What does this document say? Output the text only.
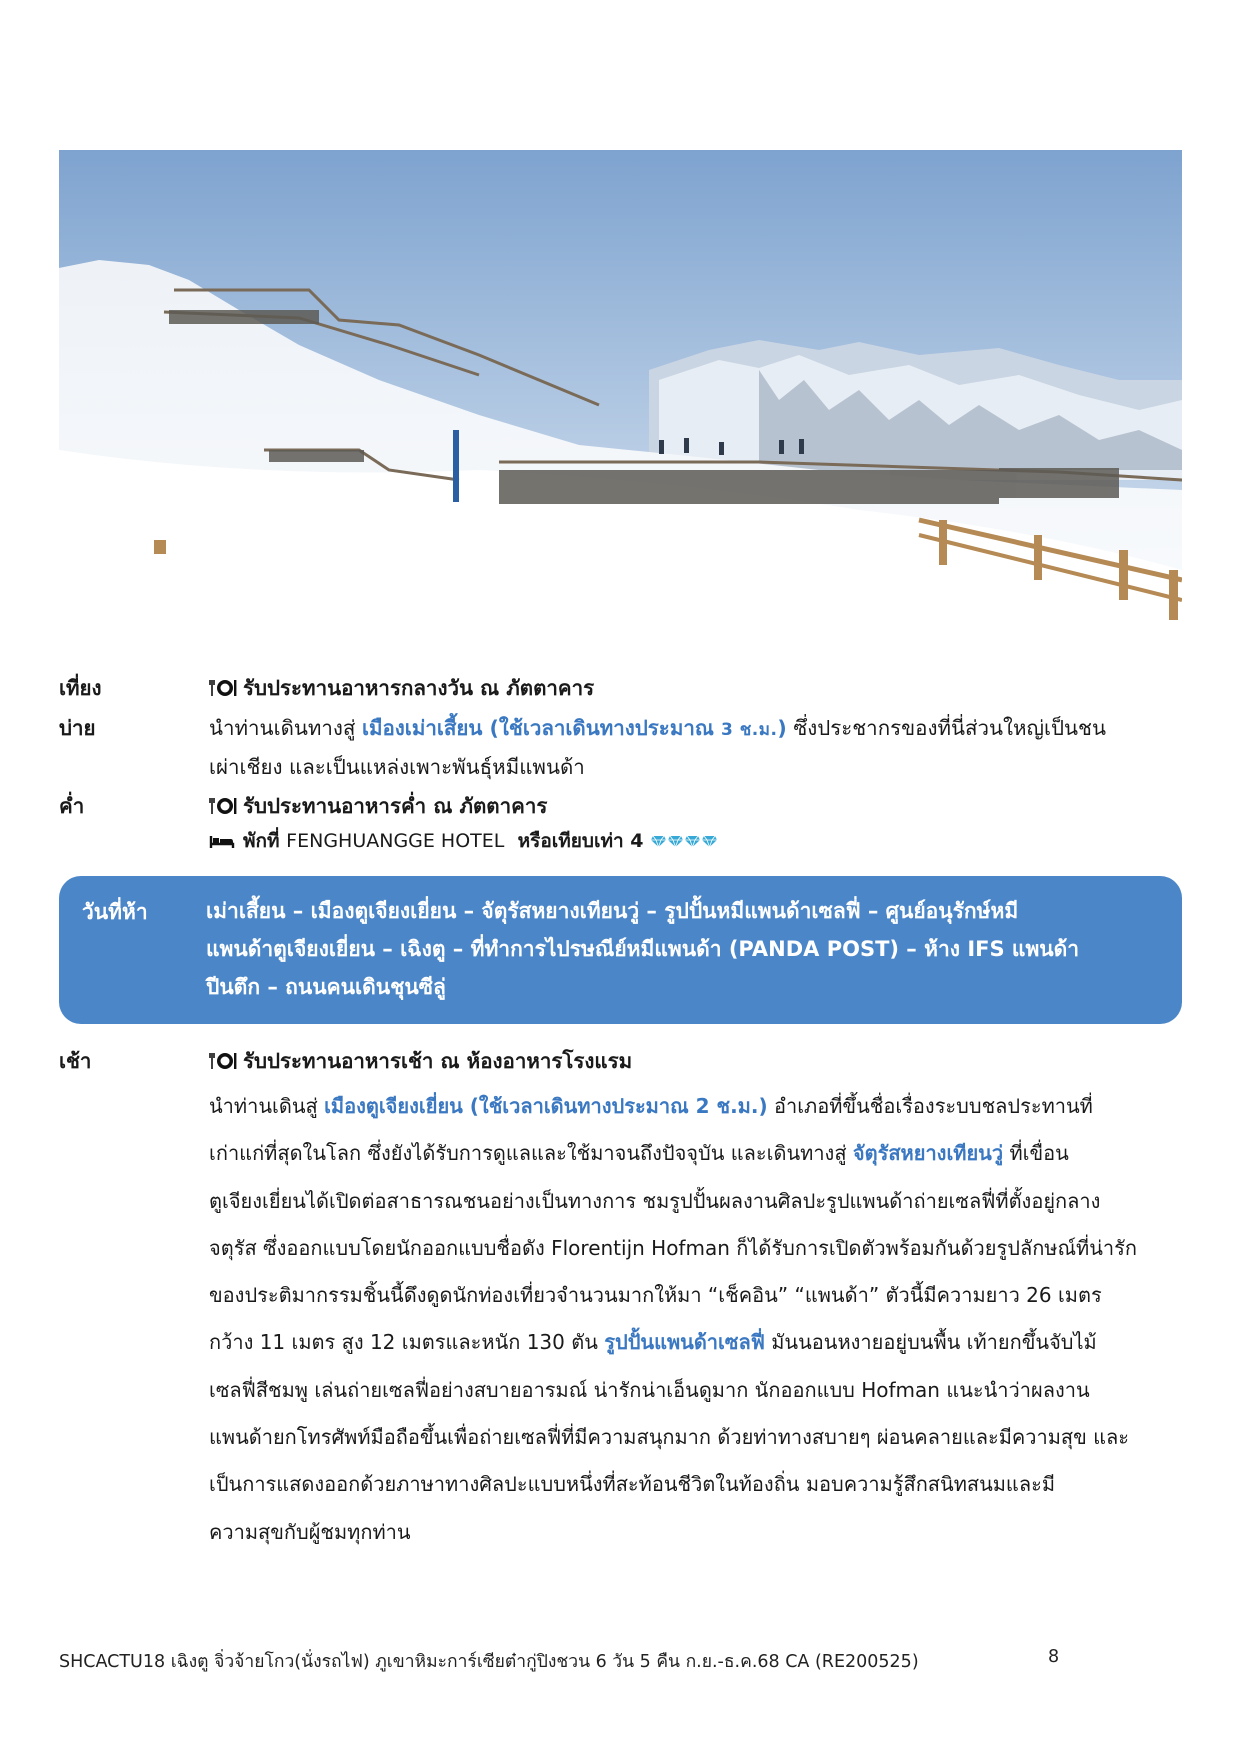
เที่ยง	รับประทานอาหารกลางวัน ณ ภัตตาคาร
บ่าย	นำท่านเดินทางสู่ เมืองเม่าเสี้ยน (ใช้เวลาเดินทางประมาณ 3 ช.ม.) ซึ่งประชากรของที่นี่ส่วนใหญ่เป็นชน
เผ่าเชียง และเป็นแหล่งเพาะพันธุ์หมีแพนด้า
ค่ำ	รับประทานอาหารค่ำ ณ ภัตตาคาร
พักที่ FENGHUANGGE HOTEL หรือเทียบเท่า 4
วันที่ห้า	เม่าเสี้ยน – เมืองตูเจียงเยี่ยน – จัตุรัสหยางเทียนวู่ – รูปปั้นหมีแพนด้าเซลฟี่ – ศูนย์อนุรักษ์หมี
แพนด้าตูเจียงเยี่ยน – เฉิงตู – ที่ทำการไปรษณีย์หมีแพนด้า (PANDA POST) – ห้าง IFS แพนด้า
ปีนตึก – ถนนคนเดินชุนซีลู่
เช้า	รับประทานอาหารเช้า ณ ห้องอาหารโรงแรม
นำท่านเดินสู่ เมืองตูเจียงเยี่ยน (ใช้เวลาเดินทางประมาณ 2 ช.ม.) อำเภอที่ขึ้นชื่อเรื่องระบบชลประทานที่
เก่าแก่ที่สุดในโลก ซึ่งยังได้รับการดูแลและใช้มาจนถึงปัจจุบัน และเดินทางสู่ จัตุรัสหยางเทียนวู่ ที่เขื่อน
ตูเจียงเยี่ยนได้เปิดต่อสาธารณชนอย่างเป็นทางการ ชมรูปปั้นผลงานศิลปะรูปแพนด้าถ่ายเซลฟี่ที่ตั้งอยู่กลาง
จตุรัส ซึ่งออกแบบโดยนักออกแบบชื่อดัง Florentijn Hofman ก็ได้รับการเปิดตัวพร้อมกันด้วยรูปลักษณ์ที่น่ารัก
ของประติมากรรมชิ้นนี้ดึงดูดนักท่องเที่ยวจำนวนมากให้มา “เช็คอิน” “แพนด้า” ตัวนี้มีความยาว 26 เมตร
กว้าง 11 เมตร สูง 12 เมตรและหนัก 130 ตัน รูปปั้นแพนด้าเซลฟี่ มันนอนหงายอยู่บนพื้น เท้ายกขึ้นจับไม้
เซลฟี่สีชมพู เล่นถ่ายเซลฟี่อย่างสบายอารมณ์ น่ารักน่าเอ็นดูมาก นักออกแบบ Hofman แนะนำว่าผลงาน
แพนด้ายกโทรศัพท์มือถือขึ้นเพื่อถ่ายเซลฟี่ที่มีความสนุกมาก ด้วยท่าทางสบายๆ ผ่อนคลายและมีความสุข และ
เป็นการแสดงออกด้วยภาษาทางศิลปะแบบหนึ่งที่สะท้อนชีวิตในท้องถิ่น มอบความรู้สึกสนิทสนมและมี
ความสุขกับผู้ชมทุกท่าน
SHCACTU18 เฉิงตู จิ่วจ้ายโกว(นั่งรถไฟ) ภูเขาหิมะการ์เซียต๋ากู่ปิงชวน 6 วัน 5 คืน ก.ย.-ธ.ค.68 CA (RE200525)	8
